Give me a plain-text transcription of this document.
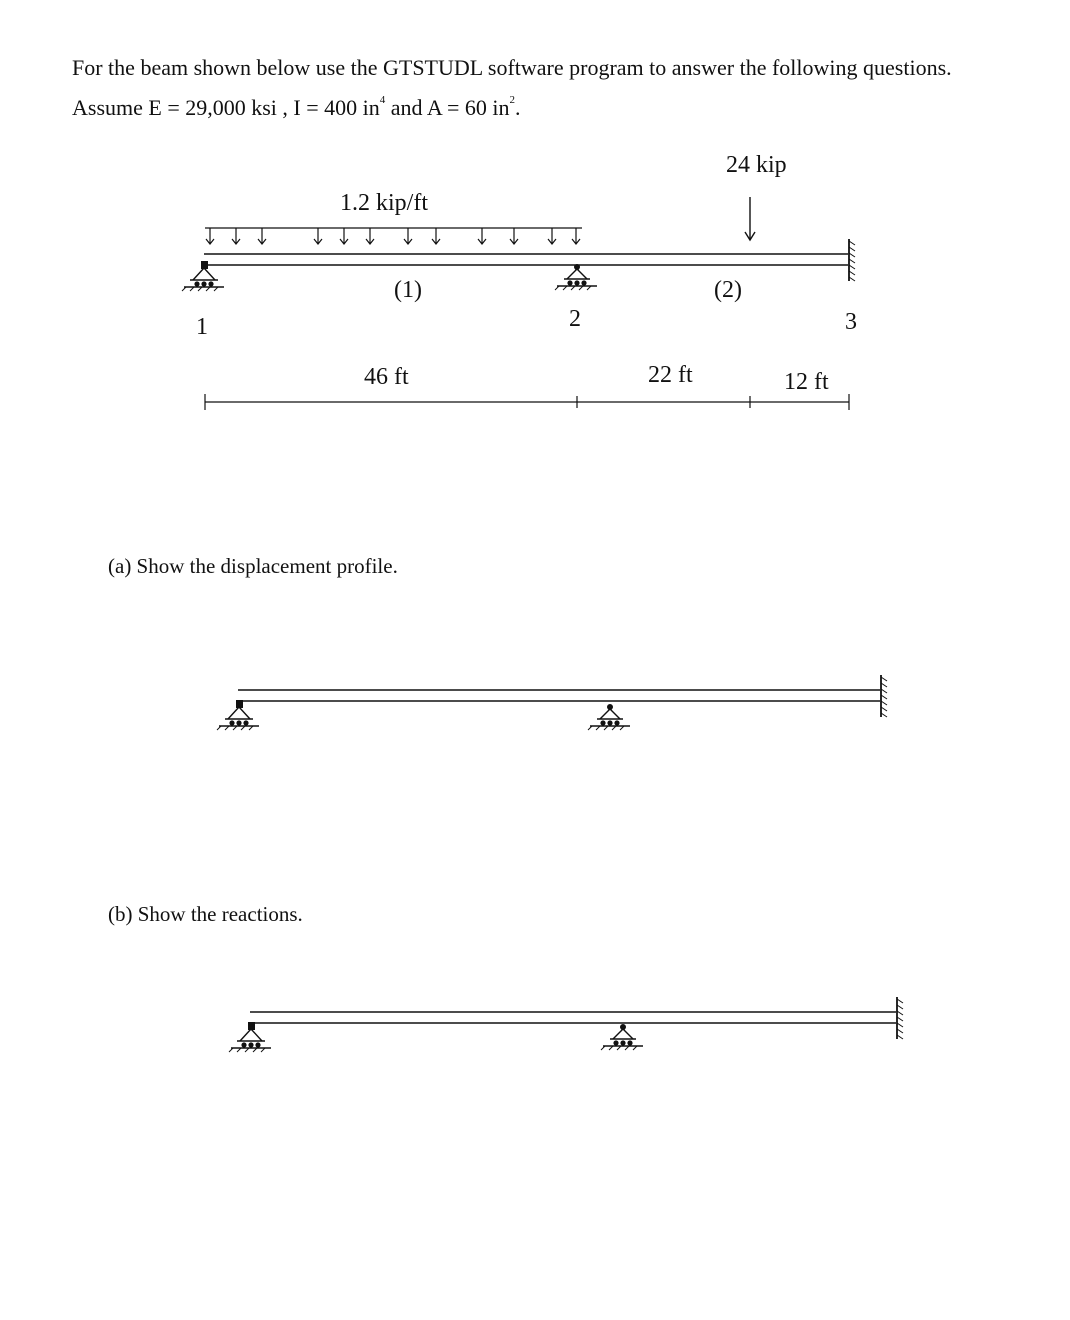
For the beam shown below use the GTSTUDL software program to answer the following questions. Assume E = 29,000 ksi , I = 400 $in^4$ and A = 60 $in^2$.
1.2 kip/ft
24 kip
(1)	(2)
1	2	3
46 ft	22 ft	12 ft
(a) Show the displacement profile.
(b) Show the reactions.
